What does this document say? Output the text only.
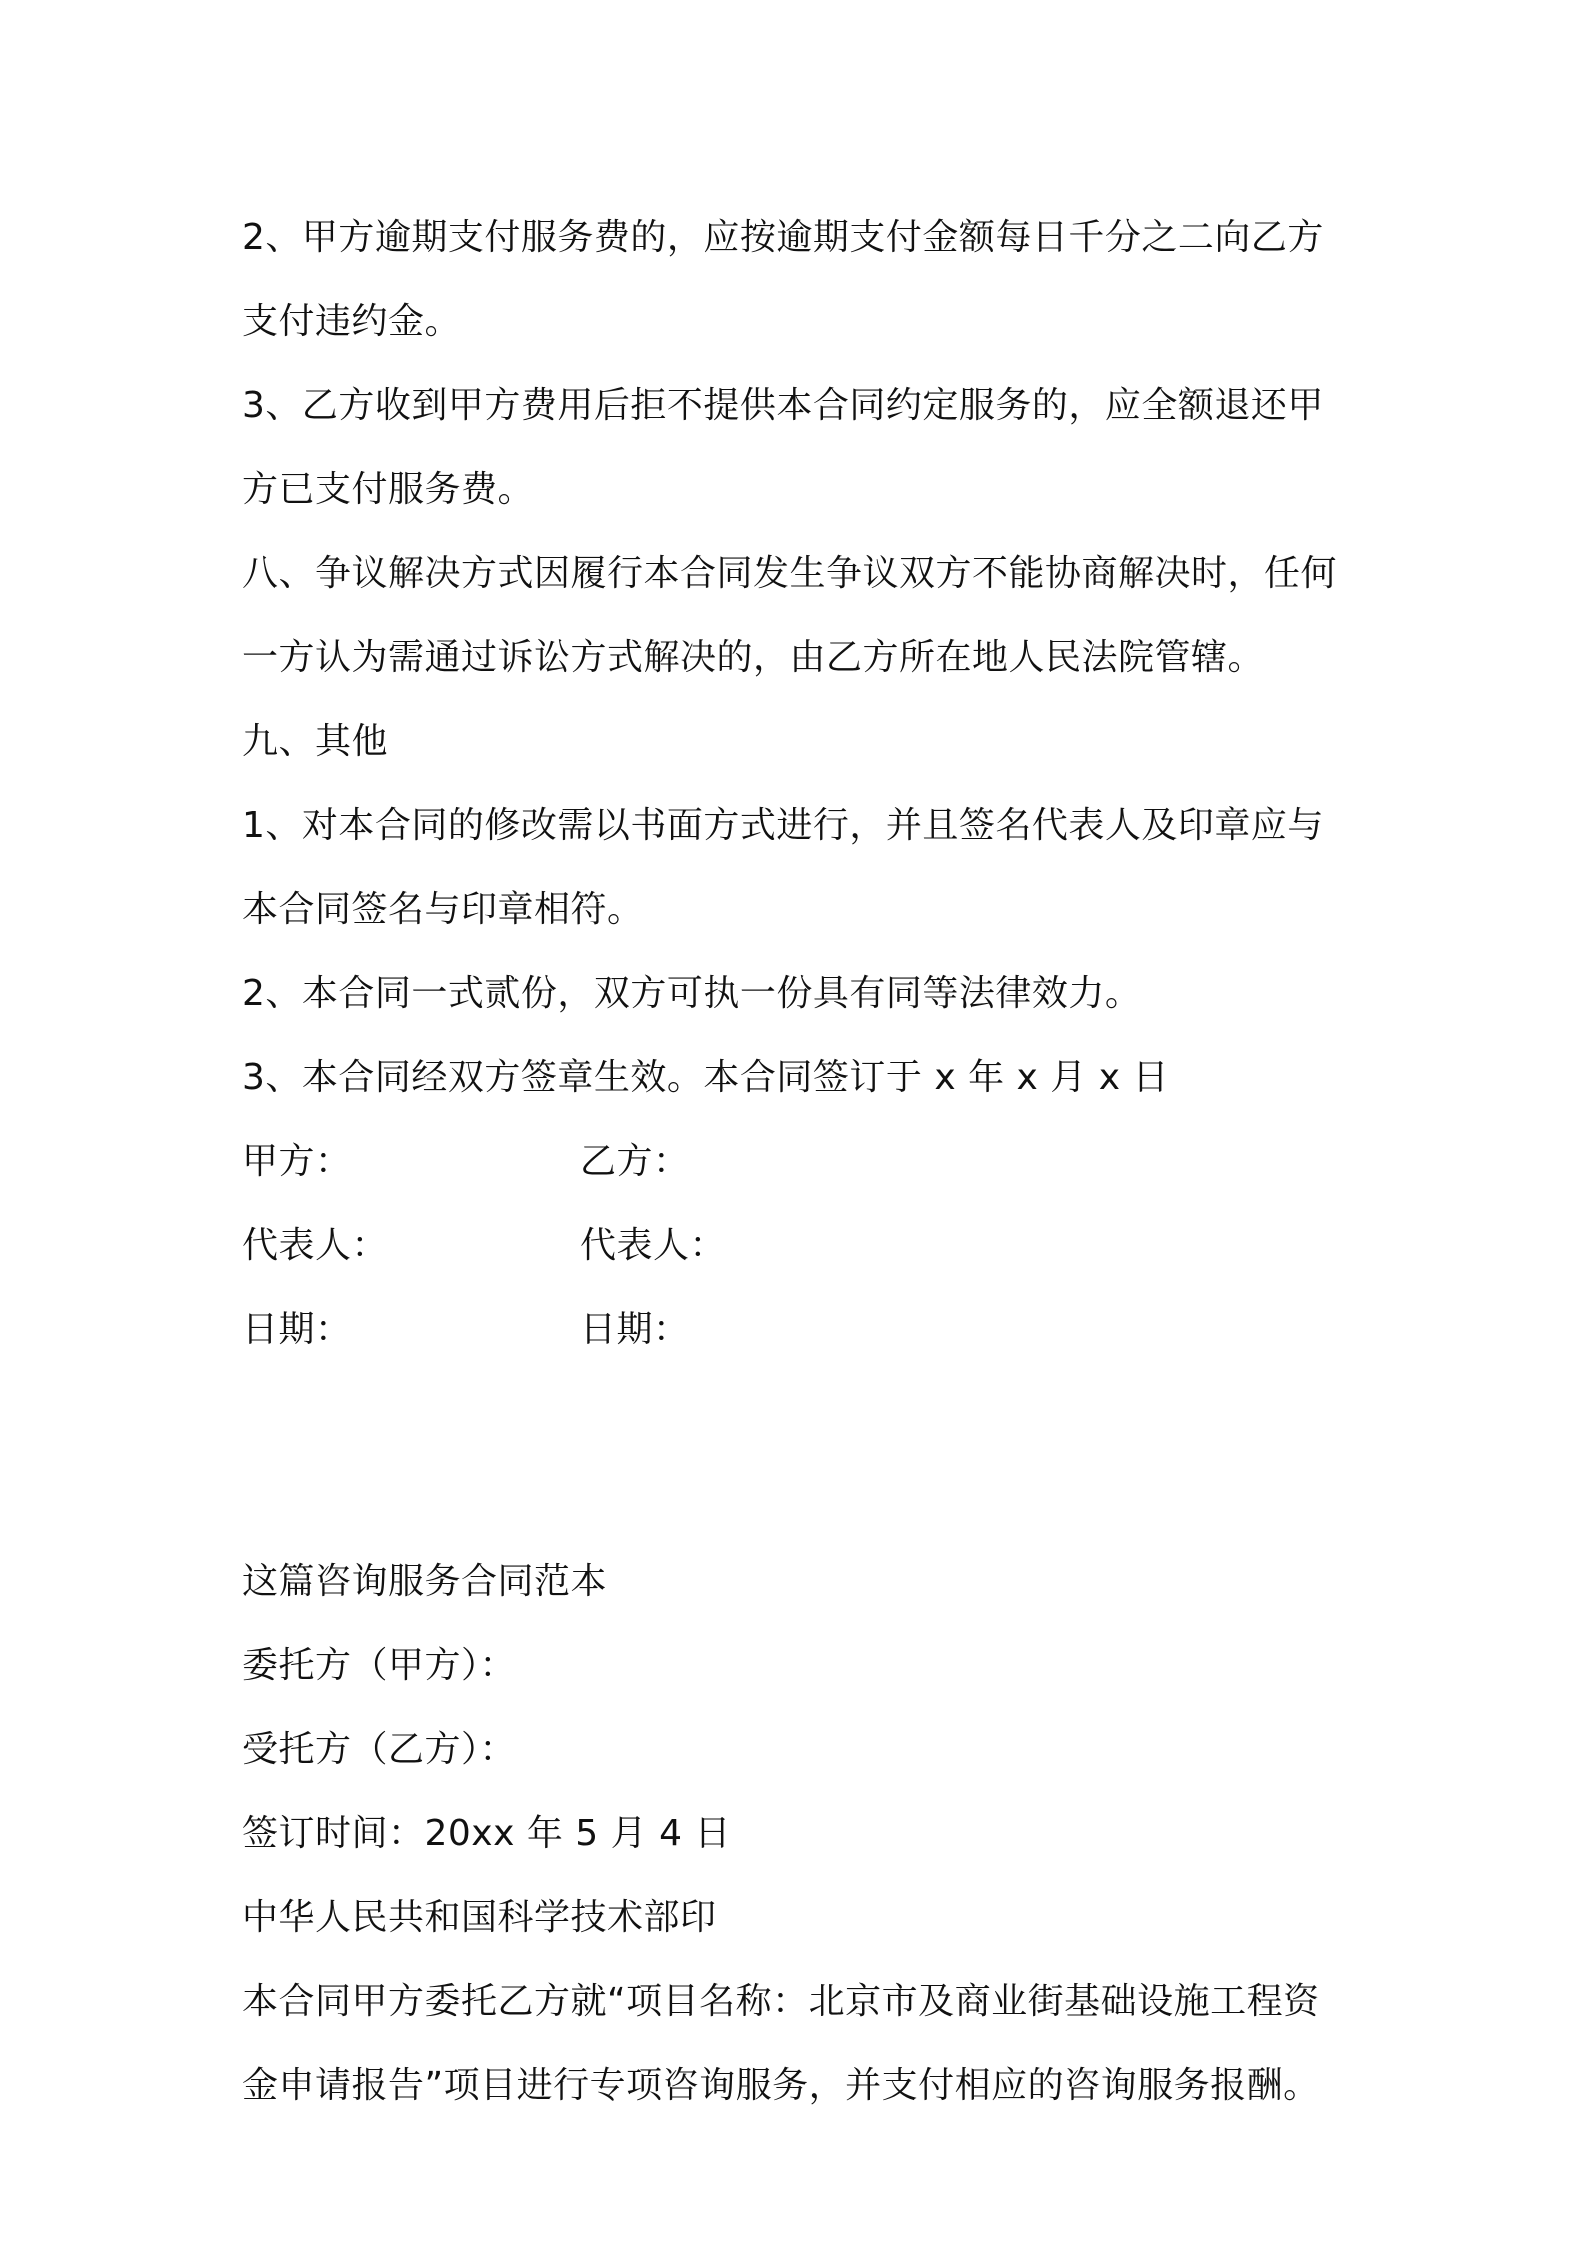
2、甲方逾期支付服务费的，应按逾期支付金额每日千分之二向乙方

支付违约金。

3、乙方收到甲方费用后拒不提供本合同约定服务的，应全额退还甲

方已支付服务费。

八、争议解决方式因履行本合同发生争议双方不能协商解决时，任何

一方认为需通过诉讼方式解决的，由乙方所在地人民法院管辖。

九、其他

1、对本合同的修改需以书面方式进行，并且签名代表人及印章应与

本合同签名与印章相符。

2、本合同一式贰份，双方可执一份具有同等法律效力。

3、本合同经双方签章生效。本合同签订于 x 年 x 月 x 日

甲方：	乙方：
代表人：	代表人：
日期：	日期：

这篇咨询服务合同范本

委托方（甲方）：

受托方（乙方）：

签订时间：20xx 年 5 月 4 日

中华人民共和国科学技术部印

本合同甲方委托乙方就“项目名称：北京市及商业街基础设施工程资

金申请报告”项目进行专项咨询服务，并支付相应的咨询服务报酬。
